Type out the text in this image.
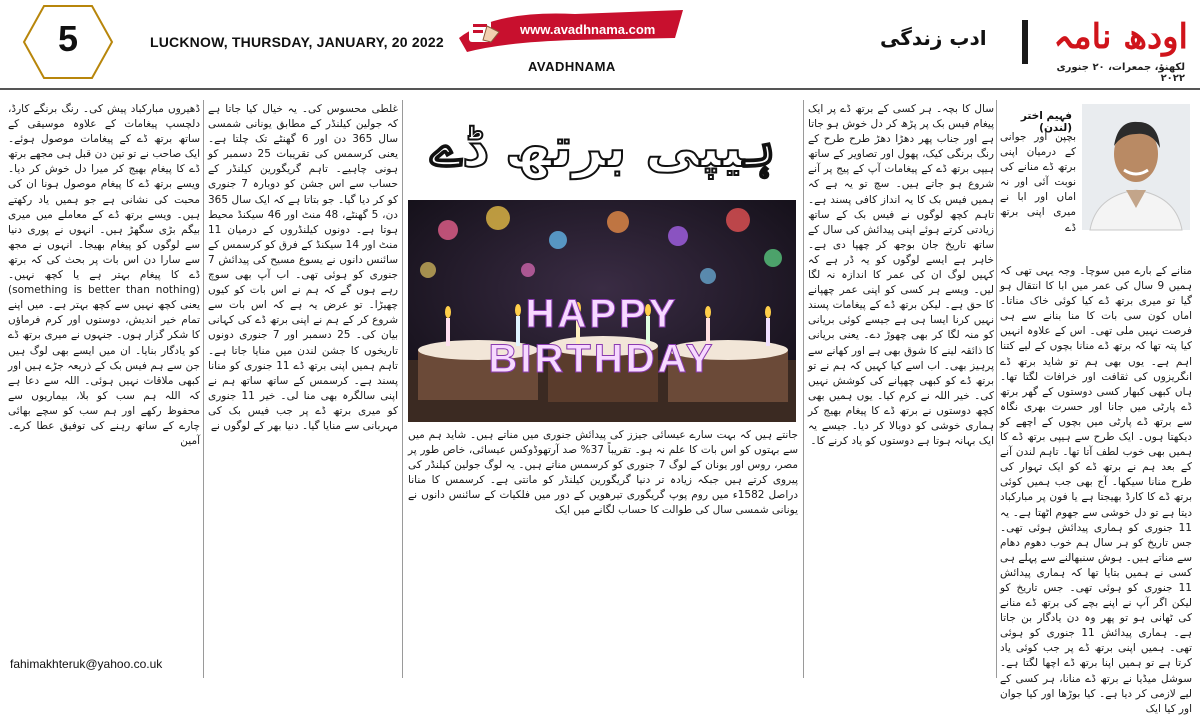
5	LUCKNOW, THURSDAY, JANUARY, 20 2022
www.avadhnama.com
AVADHNAMA
ادب زندگی	اودھ نامہ
لکھنؤ، جمعرات، ۲۰ جنوری ۲۰۲۲
فہیم اختر (لندن)
بچپن اور جوانی کے درمیان اپنی برتھ ڈے منانے کی نوبت آئی اور نہ اماں اور ابا نے میری اپنی برتھ ڈے
منانے کے بارے میں سوچا۔ وجہ یہی تھی کہ ہمیں 9 سال کی عمر میں ابا کا انتقال ہو گیا تو میری برتھ ڈے کیا کوئی خاک مناتا۔ اماں کون سی بات کا منا بنانے سے ہی فرصت نہیں ملی تھی۔ اس کے علاوہ انہیں کیا پتہ تھا کہ برتھ ڈے منانا بچوں کے لیے کتنا اہم ہے۔ یوں بھی ہم تو شاید برتھ ڈے انگریزوں کی ثقافت اور خرافات لگتا تھا۔ ہاں کبھی کبھار کسی دوستوں کے گھر برتھ ڈے پارٹی میں جانا اور حسرت بھری نگاہ سے برتھ ڈے پارٹی میں بچوں کے اچھے کو دیکھتا ہوں۔ ایک طرح سے ہیپی برتھ ڈے کا ہمیں بھی خوب لطف آتا تھا۔ تاہم لندن آنے کے بعد ہم نے برتھ ڈے کو ایک تہوار کی طرح منانا سیکھا۔ آج بھی جب ہمیں کوئی برتھ ڈے کا کارڈ بھیجتا ہے یا فون پر مبارکباد دیتا ہے تو دل خوشی سے جھوم اٹھتا ہے۔ یہ 11 جنوری کو ہماری پیدائش ہوئی تھی۔ جس تاریخ کو ہر سال ہم خوب دھوم دھام سے مناتے ہیں۔ ہوش سنبھالنے سے پہلے ہی کسی نے ہمیں بتایا تھا کہ ہماری پیدائش 11 جنوری کو ہوئی تھی۔ جس تاریخ کو لیکن اگر آپ نے اپنے بچے کی برتھ ڈے منانے کی ٹھانی ہو تو پھر وہ دن یادگار بن جاتا ہے۔ ہماری پیدائش 11 جنوری کو ہوئی تھی۔ ہمیں اپنی برتھ ڈے پر جب کوئی یاد کرتا ہے تو ہمیں اپنا برتھ ڈے اچھا لگتا ہے۔ سوشل میڈیا نے برتھ ڈے منانا، ہر کسی کے لیے لازمی کر دیا ہے۔ کیا بوڑھا اور کیا جوان اور کیا ایک
سال کا بچہ۔ ہر کسی کے برتھ ڈے پر ایک پیغام فیس بک پر پڑھ کر دل خوش ہو جاتا ہے اور جناب پھر دھڑا دھڑ طرح طرح کے رنگ برنگی کیک، پھول اور تصاویر کے ساتھ ہیپی برتھ ڈے کے پیغامات آپ کے پیج پر آنے شروع ہو جاتے ہیں۔ سچ تو یہ ہے کہ ہمیں فیس بک کا یہ انداز کافی پسند ہے۔ تاہم کچھ لوگوں نے فیس بک کے ساتھ زیادتی کرتے ہوئے اپنی پیدائش کی سال کے ساتھ تاریخ جان بوجھ کر چھپا دی ہے۔ خاہر ہے ایسے لوگوں کو یہ ڈر ہے کہ کہیں لوگ ان کی عمر کا اندازہ نہ لگا لیں۔ ویسے ہر کسی کو اپنی عمر چھپانے کا حق ہے۔ لیکن برتھ ڈے کے پیغامات پسند نہیں کرنا ایسا ہی ہے جیسے کوئی بریانی کو منہ لگا کر بھی چھوڑ دے۔ یعنی بریانی کا ذائقہ لینے کا شوق بھی ہے اور کھانے سے پرہیز بھی۔ اب اسے کیا کہیں کہ ہم نے تو برتھ ڈے کو کبھی چھپانے کی کوشش نہیں کی۔ خیر اللہ نے کرم کیا۔ یوں ہمیں بھی کچھ دوستوں نے برتھ ڈے کا پیغام بھیج کر ہماری خوشی کو دوبالا کر دیا۔ جیسے یہ ایک بہانہ ہوتا ہے دوستوں کو یاد کرنے کا۔
جانتے ہیں کہ بہت سارے عیسائی جیزز کی پیدائش جنوری میں مناتے ہیں۔ شاید ہم میں سے بہتوں کو اس بات کا علم نہ ہو۔ تقریباً 37% صد آرتھوڈوکس عیسائی، خاص طور پر مصر، روس اور یونان کے لوگ 7 جنوری کو کرسمس مناتے ہیں۔ یہ لوگ جولین کیلنڈر کی پیروی کرتے ہیں جبکہ زیادہ تر دنیا گریگورین کیلنڈر کو مانتی ہے۔ کرسمس کا منانا دراصل 1582ء میں روم پوپ گریگوری تیرھویں کے دور میں فلکیات کے سائنس دانوں نے یونانی شمسی سال کی طوالت کا حساب لگانے میں ایک
غلطی محسوس کی۔ یہ خیال کیا جاتا ہے کہ جولین کیلنڈر کے مطابق یونانی شمسی سال 365 دن اور 6 گھنٹے تک چلتا ہے۔ یعنی کرسمس کی تقریبات 25 دسمبر کو ہونی چاہیے۔ تاہم گریگورین کیلنڈر کے حساب سے اس جشن کو دوبارہ 7 جنوری کو کر دیا گیا۔ جو بتاتا ہے کہ ایک سال 365 دن، 5 گھنٹے، 48 منٹ اور 46 سیکنڈ محیط ہوتا ہے۔ دونوں کیلنڈروں کے درمیان 11 منٹ اور 14 سیکنڈ کے فرق کو کرسمس کے سائنس دانوں نے یسوع مسیح کی پیدائش 7 جنوری کو ہوئی تھی۔ اب آپ بھی سوچ رہے ہوں گے کہ ہم نے اس بات کو کیوں چھیڑا۔ تو عرض یہ ہے کہ اس بات سے شروع کر کے ہم نے اپنی برتھ ڈے کی کہانی بیان کی۔ 25 دسمبر اور 7 جنوری دونوں تاریخوں کا جشن لندن میں منایا جاتا ہے۔ تاہم ہمیں اپنی برتھ ڈے 11 جنوری کو منانا پسند ہے۔ کرسمس کے ساتھ ساتھ ہم نے اپنی سالگرہ بھی منا لی۔ خیر 11 جنوری کو میری برتھ ڈے پر جب فیس بک کی مہربانی سے منایا گیا۔ دنیا بھر کے لوگوں نے
ڈھیروں مبارکباد پیش کی۔ رنگ برنگے کارڈ، دلچسپ پیغامات کے علاوہ موسیقی کے ساتھ برتھ ڈے کے پیغامات موصول ہوئے۔ ایک صاحب نے تو تین دن قبل ہی مجھے برتھ ڈے کا پیغام بھیج کر میرا دل خوش کر دیا۔ ویسے برتھ ڈے کا پیغام موصول ہونا ان کی محبت کی نشانی ہے جو ہمیں یاد رکھتے ہیں۔ ویسے برتھ ڈے کے معاملے میں میری بیگم بڑی سگھڑ ہیں۔ انہوں نے پوری دنیا سے لوگوں کو پیغام بھیجا۔ انہوں نے مجھ سے سارا دن اس بات پر بحث کی کہ برتھ ڈے کا پیغام بہتر ہے یا کچھ نہیں۔ (something is better than nothing) یعنی کچھ نہیں سے کچھ بہتر ہے۔ میں اپنے تمام خیر اندیش، دوستوں اور کرم فرماؤں کا شکر گزار ہوں۔ جنہوں نے میری برتھ ڈے کو یادگار بنایا۔ ان میں ایسے بھی لوگ ہیں جن سے ہم فیس بک کے ذریعہ جڑے ہیں اور کبھی ملاقات نہیں ہوئی۔ اللہ سے دعا ہے کہ اللہ ہم سب کو بلا، بیماریوں سے محفوظ رکھے اور ہم سب کو سچے بھائی چارے کے ساتھ رہنے کی توفیق عطا کرے۔ آمین
ہیپی برتھ ڈے
HAPPY BIRTHDAY
fahimakhteruk@yahoo.co.uk
